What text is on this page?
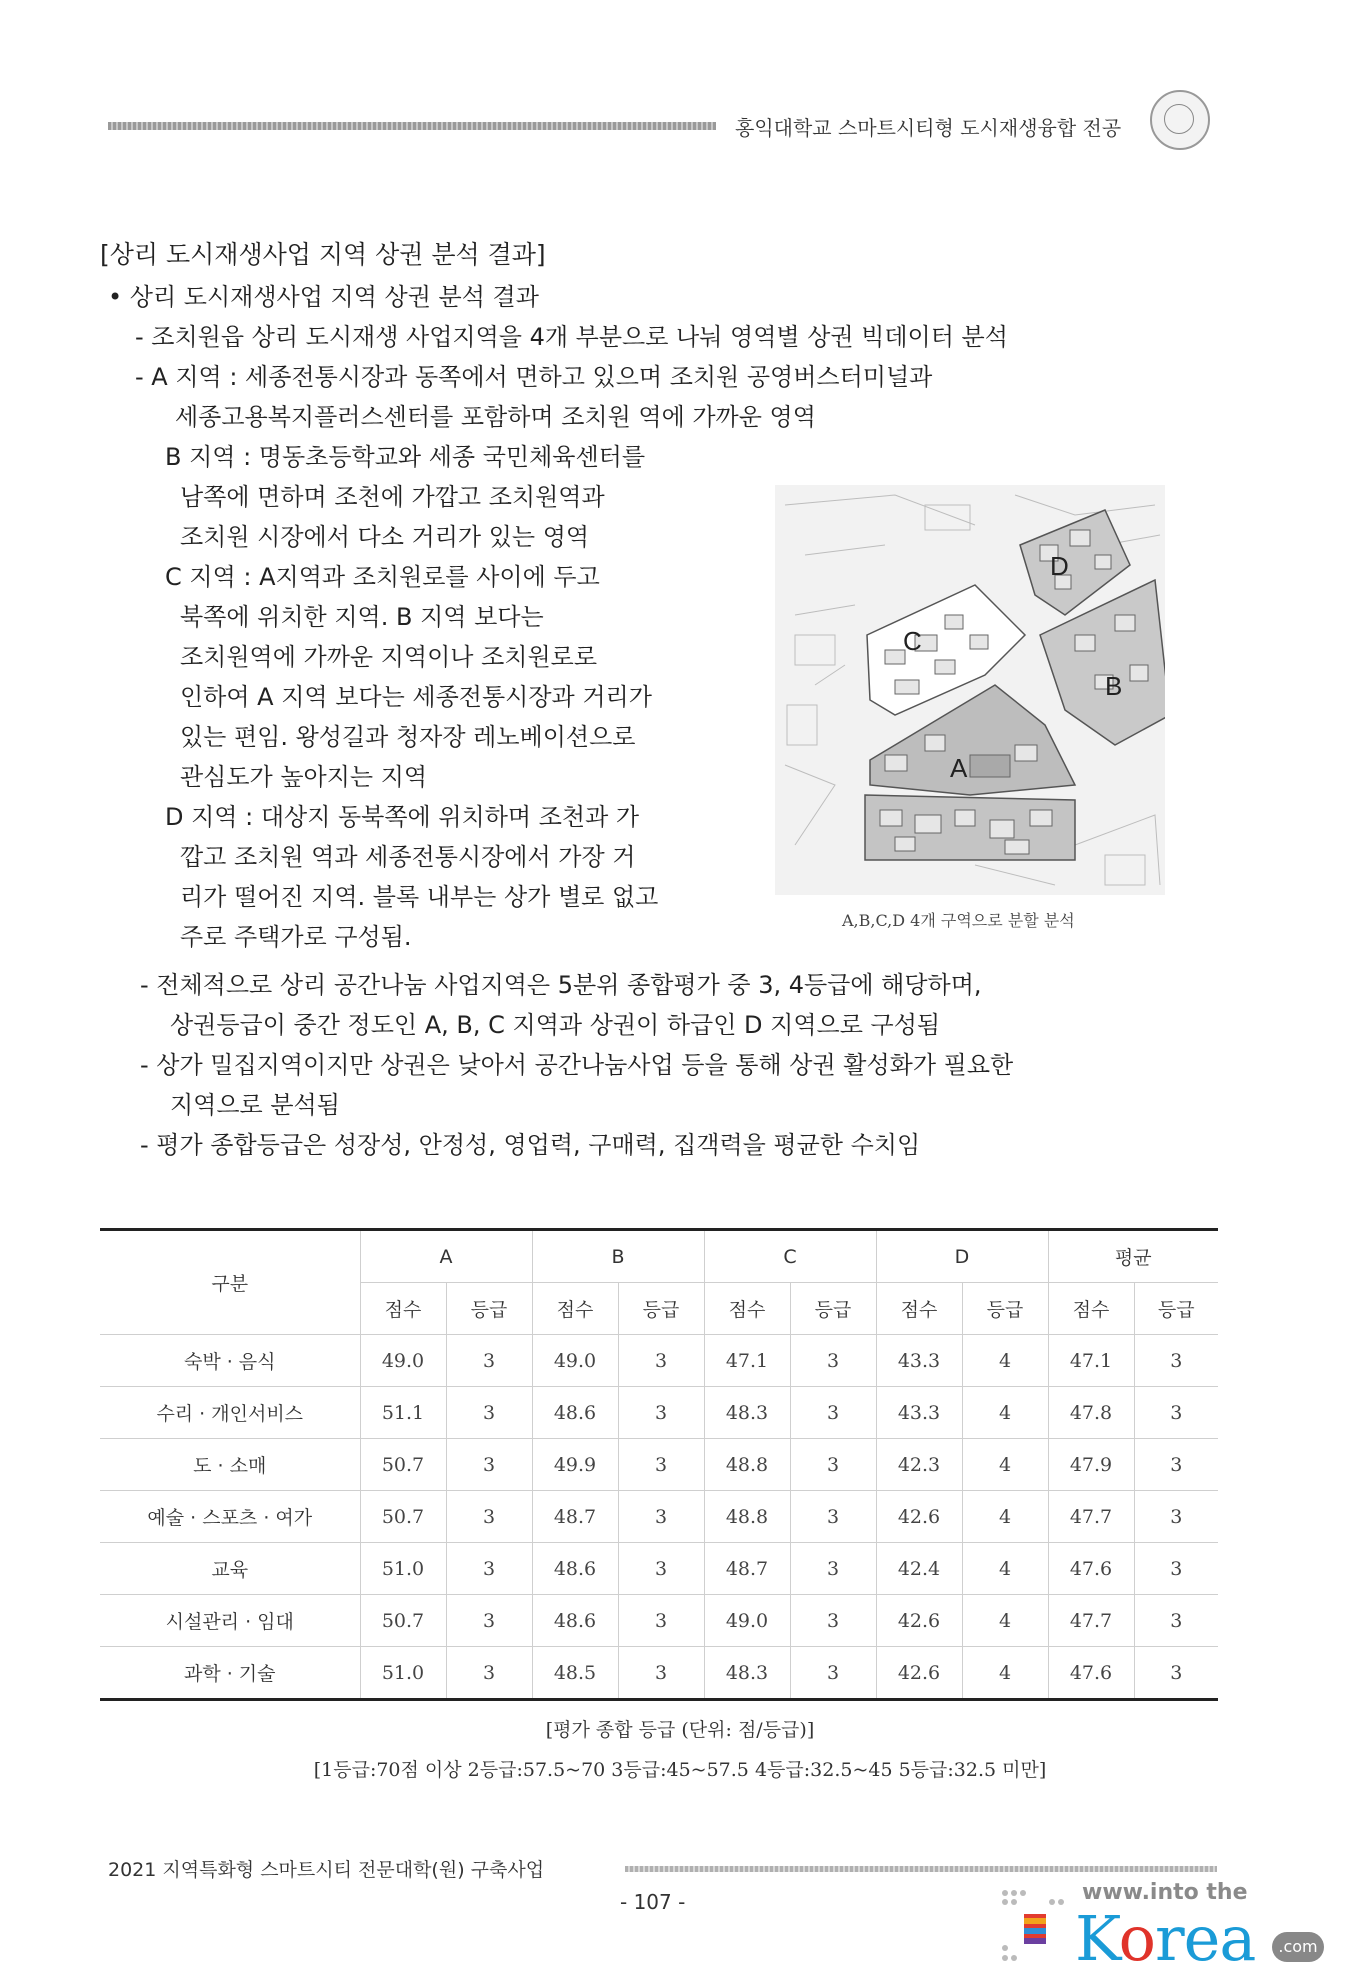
홍익대학교 스마트시티형 도시재생융합 전공
[상리 도시재생사업 지역 상권 분석 결과]
• 상리 도시재생사업 지역 상권 분석 결과
- 조치원읍 상리 도시재생 사업지역을 4개 부분으로 나눠 영역별 상권 빅데이터 분석
- A 지역 : 세종전통시장과 동쪽에서 면하고 있으며 조치원 공영버스터미널과
세종고용복지플러스센터를 포함하며 조치원 역에 가까운 영역
B 지역 : 명동초등학교와 세종 국민체육센터를
남쪽에 면하며 조천에 가깝고 조치원역과
조치원 시장에서 다소 거리가 있는 영역
C 지역 : A지역과 조치원로를 사이에 두고
북쪽에 위치한 지역. B 지역 보다는
조치원역에 가까운 지역이나 조치원로로
인하여 A 지역 보다는 세종전통시장과 거리가
있는 편임. 왕성길과 청자장 레노베이션으로
관심도가 높아지는 지역
D 지역 : 대상지 동북쪽에 위치하며 조천과 가
깝고 조치원 역과 세종전통시장에서 가장 거
리가 떨어진 지역. 블록 내부는 상가 별로 없고
주로 주택가로 구성됨.
- 전체적으로 상리 공간나눔 사업지역은 5분위 종합평가 중 3, 4등급에 해당하며,
상권등급이 중간 정도인 A, B, C 지역과 상권이 하급인 D 지역으로 구성됨
- 상가 밀집지역이지만 상권은 낮아서 공간나눔사업 등을 통해 상권 활성화가 필요한
지역으로 분석됨
- 평가 종합등급은 성장성, 안정성, 영업력, 구매력, 집객력을 평균한 수치임
D
C
B
A
A,B,C,D 4개 구역으로 분할 분석
구분	A		B		C		D		평균	
	점수	등급	점수	등급	점수	등급	점수	등급	점수	등급
숙박 · 음식	49.0	3	49.0	3	47.1	3	43.3	4	47.1	3
수리 · 개인서비스	51.1	3	48.6	3	48.3	3	43.3	4	47.8	3
도 · 소매	50.7	3	49.9	3	48.8	3	42.3	4	47.9	3
예술 · 스포츠 · 여가	50.7	3	48.7	3	48.8	3	42.6	4	47.7	3
교육	51.0	3	48.6	3	48.7	3	42.4	4	47.6	3
시설관리 · 임대	50.7	3	48.6	3	49.0	3	42.6	4	47.7	3
과학 · 기술	51.0	3	48.5	3	48.3	3	42.6	4	47.6	3
[평가 종합 등급 (단위: 점/등급)]
[1등급:70점 이상 2등급:57.5~70 3등급:45~57.5 4등급:32.5~45 5등급:32.5 미만]
2021 지역특화형 스마트시티 전문대학(원) 구축사업
- 107 -	www.into the
Korea	.com
